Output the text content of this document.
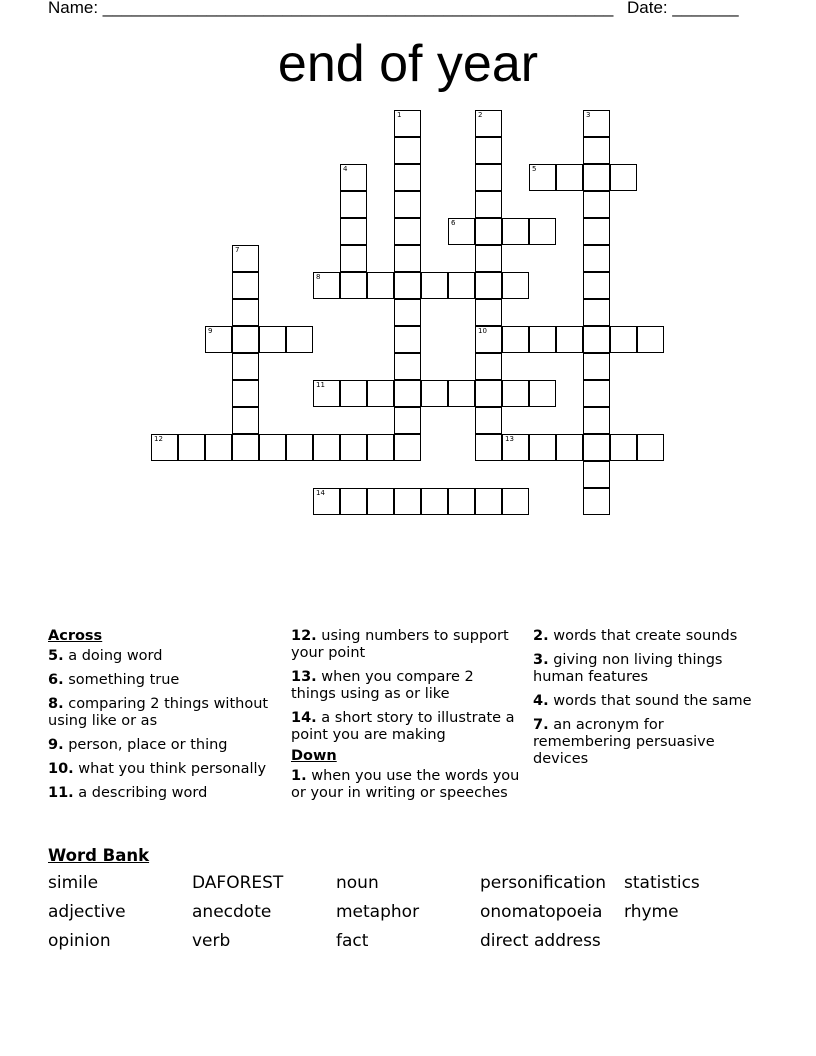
Name: ______________________________________________________ Date: _______
end of year
5
6
8
9	10
11
12	13
14
1	2	3
4
7
Across
5. a doing word
6. something true
8. comparing 2 things without using like or as
9. person, place or thing
10. what you think personally
11. a describing word
12. using numbers to support your point
13. when you compare 2 things using as or like
14. a short story to illustrate a point you are making
Down
1. when you use the words you or your in writing or speeches
2. words that create sounds
3. giving non living things human features
4. words that sound the same
7. an acronym for remembering persuasive devices
Word Bank
simile	DAFOREST	noun	personification	statistics
adjective	anecdote	metaphor	onomatopoeia	rhyme
opinion	verb	fact	direct address
